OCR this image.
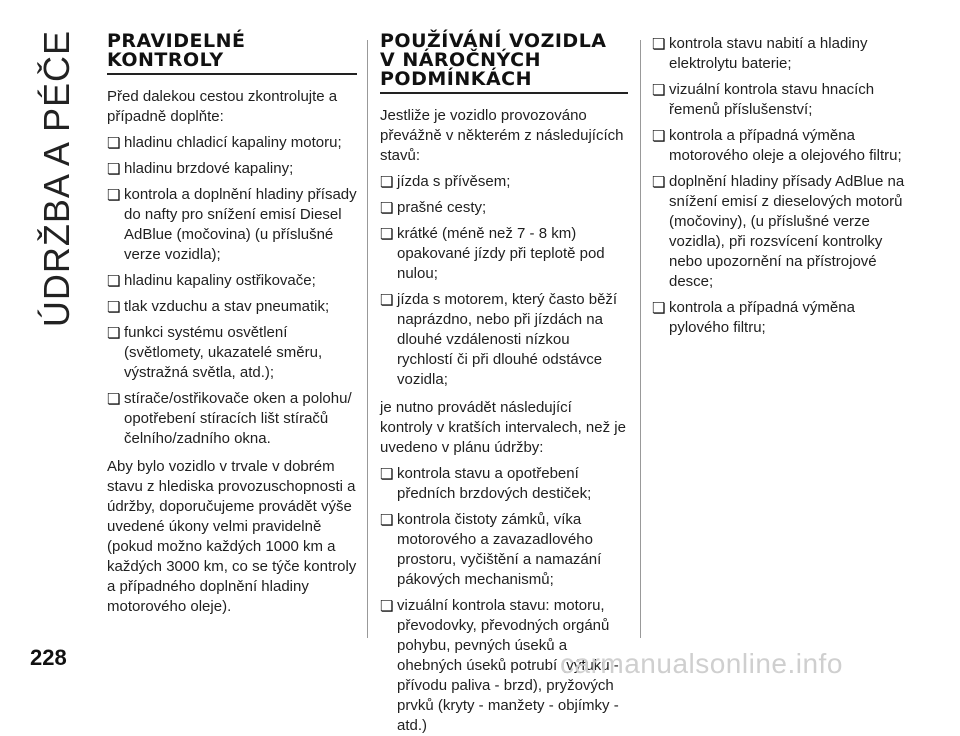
ÚDRŽBA A PÉČE	PRAVIDELNÉ
KONTROLY

Před dalekou cestou zkontrolujte a případně doplňte:

❏ hladinu chladicí kapaliny motoru;
❏ hladinu brzdové kapaliny;
❏ kontrola a doplnění hladiny přísady do nafty pro snížení emisí Diesel AdBlue (močovina) (u příslušné verze vozidla);
❏ hladinu kapaliny ostřikovače;
❏ tlak vzduchu a stav pneumatik;
❏ funkci systému osvětlení (světlomety, ukazatelé směru, výstražná světla, atd.);
❏ stírače/ostřikovače oken a polohu/ opotřebení stíracích lišt stíračů čelního/zadního okna.

Aby bylo vozidlo v trvale v dobrém stavu z hlediska provozuschopnosti a údržby, doporučujeme provádět výše uvedené úkony velmi pravidelně (pokud možno každých 1000 km a každých 3000 km, co se týče kontroly a případného doplnění hladiny motorového oleje).

POUŽÍVÁNÍ VOZIDLA
V NÁROČNÝCH
PODMÍNKÁCH

Jestliže je vozidlo provozováno převážně v některém z následujících stavů:

❏ jízda s přívěsem;
❏ prašné cesty;
❏ krátké (méně než 7 - 8 km) opakované jízdy při teplotě pod nulou;
❏ jízda s motorem, který často běží naprázdno, nebo při jízdách na dlouhé vzdálenosti nízkou rychlostí či při dlouhé odstávce vozidla;

je nutno provádět následující kontroly v kratších intervalech, než je uvedeno v plánu údržby:

❏ kontrola stavu a opotřebení předních brzdových destiček;
❏ kontrola čistoty zámků, víka motorového a zavazadlového prostoru, vyčištění a namazání pákových mechanismů;
❏ vizuální kontrola stavu: motoru, převodovky, převodných orgánů pohybu, pevných úseků a ohebných úseků potrubí (výfuku - přívodu paliva - brzd), pryžových prvků (kryty - manžety - objímky - atd.)
❏ kontrola stavu nabití a hladiny elektrolytu baterie;
❏ vizuální kontrola stavu hnacích řemenů příslušenství;
❏ kontrola a případná výměna motorového oleje a olejového filtru;
❏ doplnění hladiny přísady AdBlue na snížení emisí z dieselových motorů (močoviny), (u příslušné verze vozidla), při rozsvícení kontrolky nebo upozornění na přístrojové desce;
❏ kontrola a případná výměna pylového filtru;
228	carmanualsonline.info
